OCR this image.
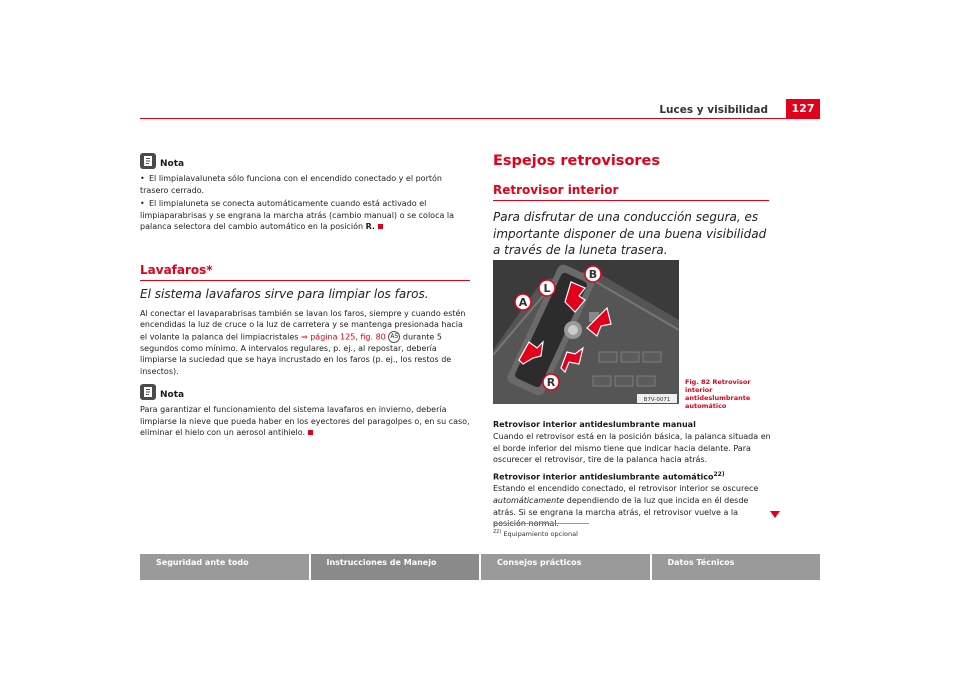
Luces y visibilidad	127
Nota
• El limpialavaluneta sólo funciona con el encendido conectado y el portón trasero cerrado.
• El limpialuneta se conecta automáticamente cuando está activado el limpiaparabrisas y se engrana la marcha atrás (cambio manual) o se coloca la palanca selectora del cambio automático en la posición R.
Lavafaros*
El sistema lavafaros sirve para limpiar los faros.
Al conectar el lavaparabrisas también se lavan los faros, siempre y cuando estén encendidas la luz de cruce o la luz de carretera y se mantenga presionada hacia el volante la palanca del limpiacristales ⇒ página 125, fig. 80 A5 durante 5 segundos como mínimo. A intervalos regulares, p. ej., al repostar, debería limpiarse la suciedad que se haya incrustado en los faros (p. ej., los restos de insectos).
Nota
Para garantizar el funcionamiento del sistema lavafaros en invierno, debería limpiarse la nieve que pueda haber en los eyectores del paragolpes o, en su caso, eliminar el hielo con un aerosol antihielo.
Espejos retrovisores
Retrovisor interior
Para disfrutar de una conducción segura, es importante disponer de una buena visibilidad a través de la luneta trasera.
A
B
L
R
B7V-0071
Fig. 82 Retrovisor interior antideslumbrante automático
Retrovisor interior antideslumbrante manual
Cuando el retrovisor está en la posición básica, la palanca situada en el borde inferior del mismo tiene que indicar hacia delante. Para oscurecer el retrovisor, tire de la palanca hacia atrás.
Retrovisor interior antideslumbrante automático$^{22)}$
Estando el encendido conectado, el retrovisor interior se oscurece automáticamente dependiendo de la luz que incida en él desde atrás. Si se engrana la marcha atrás, el retrovisor vuelve a la
$^{22)}$ Equipamiento opcional
Seguridad ante todo	Instrucciones de Manejo	Consejos prácticos	Datos Técnicos
